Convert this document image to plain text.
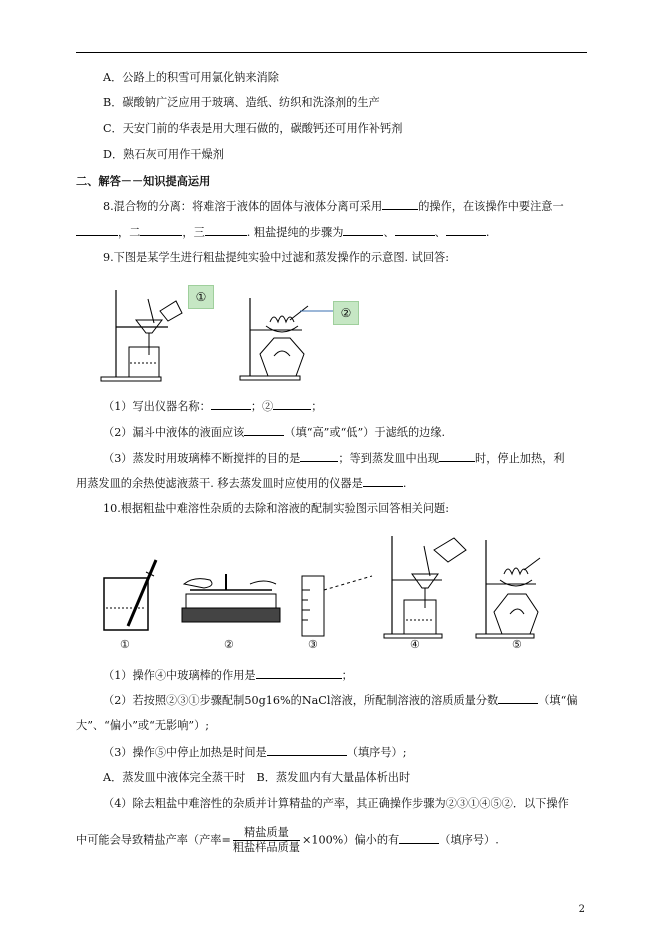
A．公路上的积雪可用氯化钠来消除
B．碳酸钠广泛应用于玻璃、造纸、纺织和洗涤剂的生产
C．天安门前的华表是用大理石做的，碳酸钙还可用作补钙剂
D．熟石灰可用作干燥剂
二、解答－－知识提高运用
8.混合物的分离：将难溶于液体的固体与液体分离可采用	的操作，在该操作中要注意一
，二	，三	. 粗盐提纯的步骤为	、	、	.
9.下图是某学生进行粗盐提纯实验中过滤和蒸发操作的示意图. 试回答:
①
②
（1）写出仪器名称：	；②	；
（2）漏斗中液体的液面应该	（填“高”或“低”）于滤纸的边缘.
（3）蒸发时用玻璃棒不断搅拌的目的是	；等到蒸发皿中出现	时，停止加热，利
用蒸发皿的余热使滤液蒸干. 移去蒸发皿时应使用的仪器是	.
10.根据粗盐中难溶性杂质的去除和溶液的配制实验图示回答相关问题:
①	②	③	④	⑤
（1）操作④中玻璃棒的作用是	；
（2）若按照②③①步骤配制50g16%的NaCl溶液，所配制溶液的溶质质量分数	（填“偏
大”、“偏小”或“无影响”）;
（3）操作⑤中停止加热是时间是	（填序号）;
A．蒸发皿中液体完全蒸干时　B．蒸发皿内有大量晶体析出时
（4）除去粗盐中难溶性的杂质并计算精盐的产率，其正确操作步骤为②③①④⑤②．以下操作
中可能会导致精盐产率（产率= $\frac{\text{精盐质量}}{\text{粗盐样品质量}} \times 100\%$）偏小的有	（填序号）.
2
